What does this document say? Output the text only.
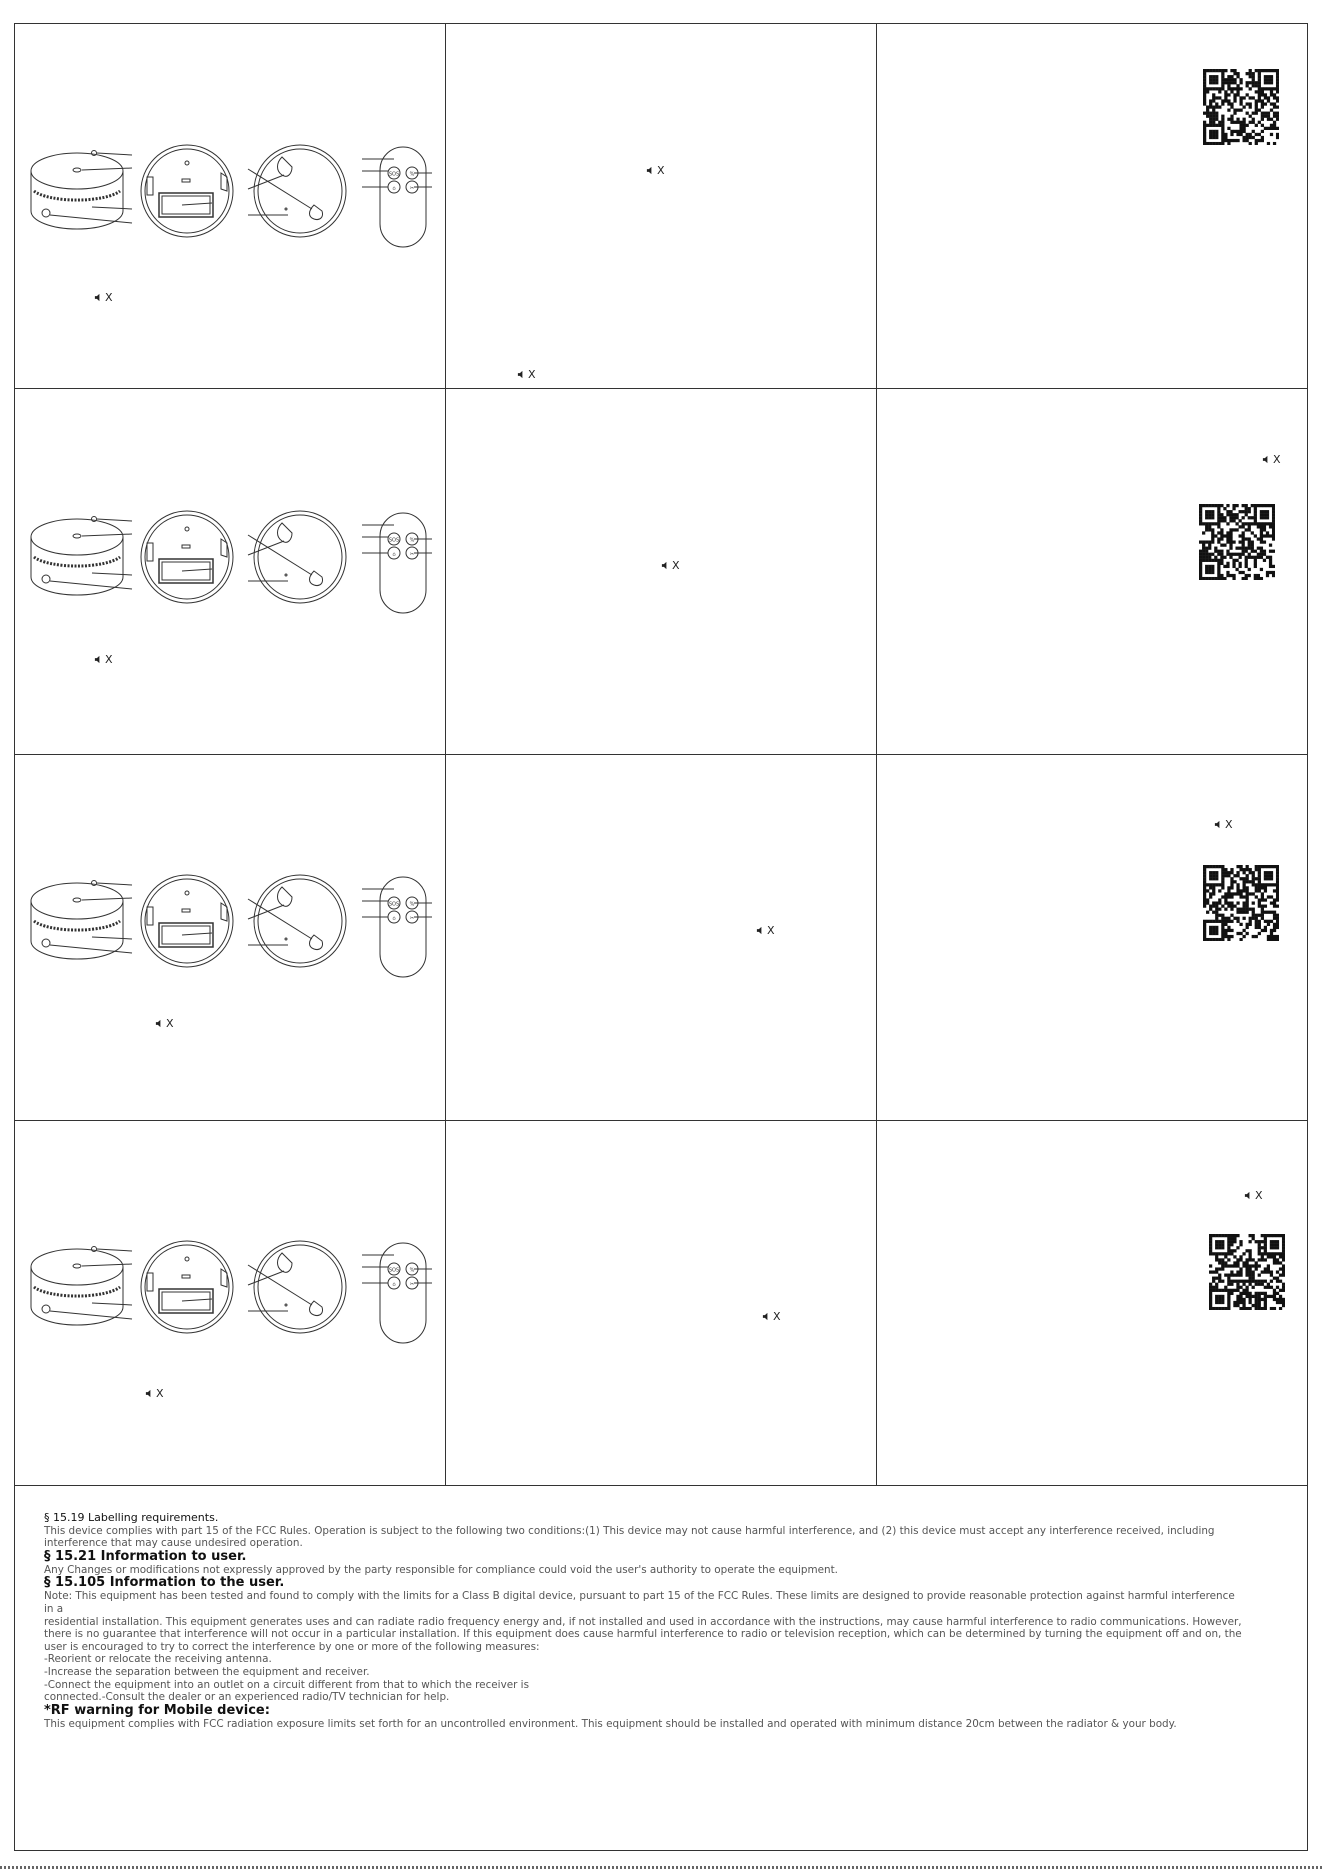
SOS %
⌂	✂
X
X
X
SOS %
⌂	✂
X
X
X
SOS %
⌂	✂
X
X
X
SOS %
⌂	✂
X
X
X
§ 15.19 Labelling requirements.

This device complies with part 15 of the FCC Rules. Operation is subject to the following two conditions:(1) This device may not cause harmful interference, and (2) this device must accept any interference received, including
interference that may cause undesired operation.

§ 15.21 Information to user.

Any Changes or modifications not expressly approved by the party responsible for compliance could void the user's authority to operate the equipment.

§ 15.105 Information to the user.

Note: This equipment has been tested and found to comply with the limits for a Class B digital device, pursuant to part 15 of the FCC Rules. These limits are designed to provide reasonable protection against harmful interference in a
residential installation. This equipment generates uses and can radiate radio frequency energy and, if not installed and used in accordance with the instructions, may cause harmful interference to radio communications. However,
there is no guarantee that interference will not occur in a particular installation. If this equipment does cause harmful interference to radio or television reception, which can be determined by turning the equipment off and on, the
user is encouraged to try to correct the interference by one or more of the following measures:
-Reorient or relocate the receiving antenna.
-Increase the separation between the equipment and receiver.
-Connect the equipment into an outlet on a circuit different from that to which the receiver is
connected.-Consult the dealer or an experienced radio/TV technician for help.

*RF warning for Mobile device:

This equipment complies with FCC radiation exposure limits set forth for an uncontrolled environment. This equipment should be installed and operated with minimum distance 20cm between the radiator & your body.
